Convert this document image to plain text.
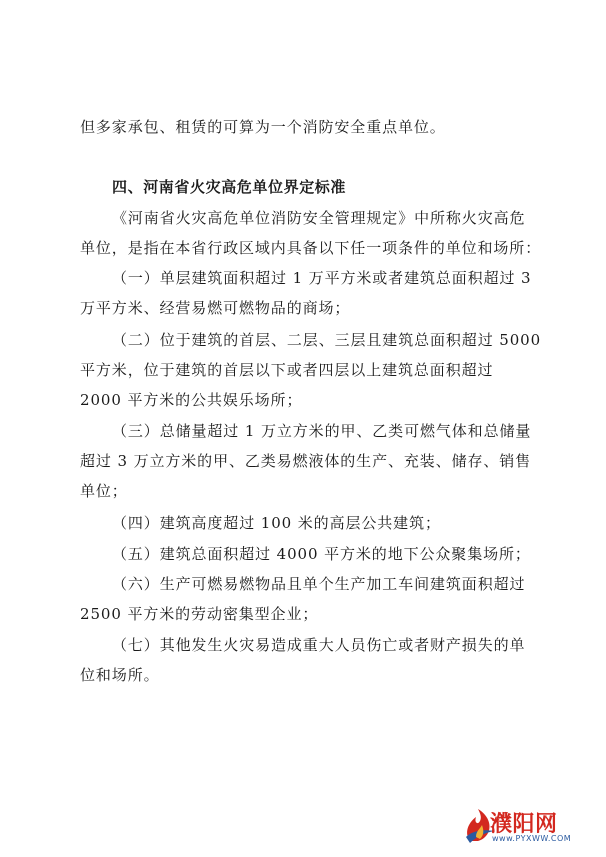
但多家承包、租赁的可算为一个消防安全重点单位。
四、河南省火灾高危单位界定标准
《河南省火灾高危单位消防安全管理规定》中所称火灾高危
单位，是指在本省行政区域内具备以下任一项条件的单位和场所：
（一）单层建筑面积超过 1 万平方米或者建筑总面积超过 3
万平方米、经营易燃可燃物品的商场；
（二）位于建筑的首层、二层、三层且建筑总面积超过 5000
平方米，位于建筑的首层以下或者四层以上建筑总面积超过
2000 平方米的公共娱乐场所；
（三）总储量超过 1 万立方米的甲、乙类可燃气体和总储量
超过 3 万立方米的甲、乙类易燃液体的生产、充装、储存、销售
单位；
（四）建筑高度超过 100 米的高层公共建筑；
（五）建筑总面积超过 4000 平方米的地下公众聚集场所；
（六）生产可燃易燃物品且单个生产加工车间建筑面积超过
2500 平方米的劳动密集型企业；
（七）其他发生火灾易造成重大人员伤亡或者财产损失的单
位和场所。
濮阳网
www.PYXWW.COM
